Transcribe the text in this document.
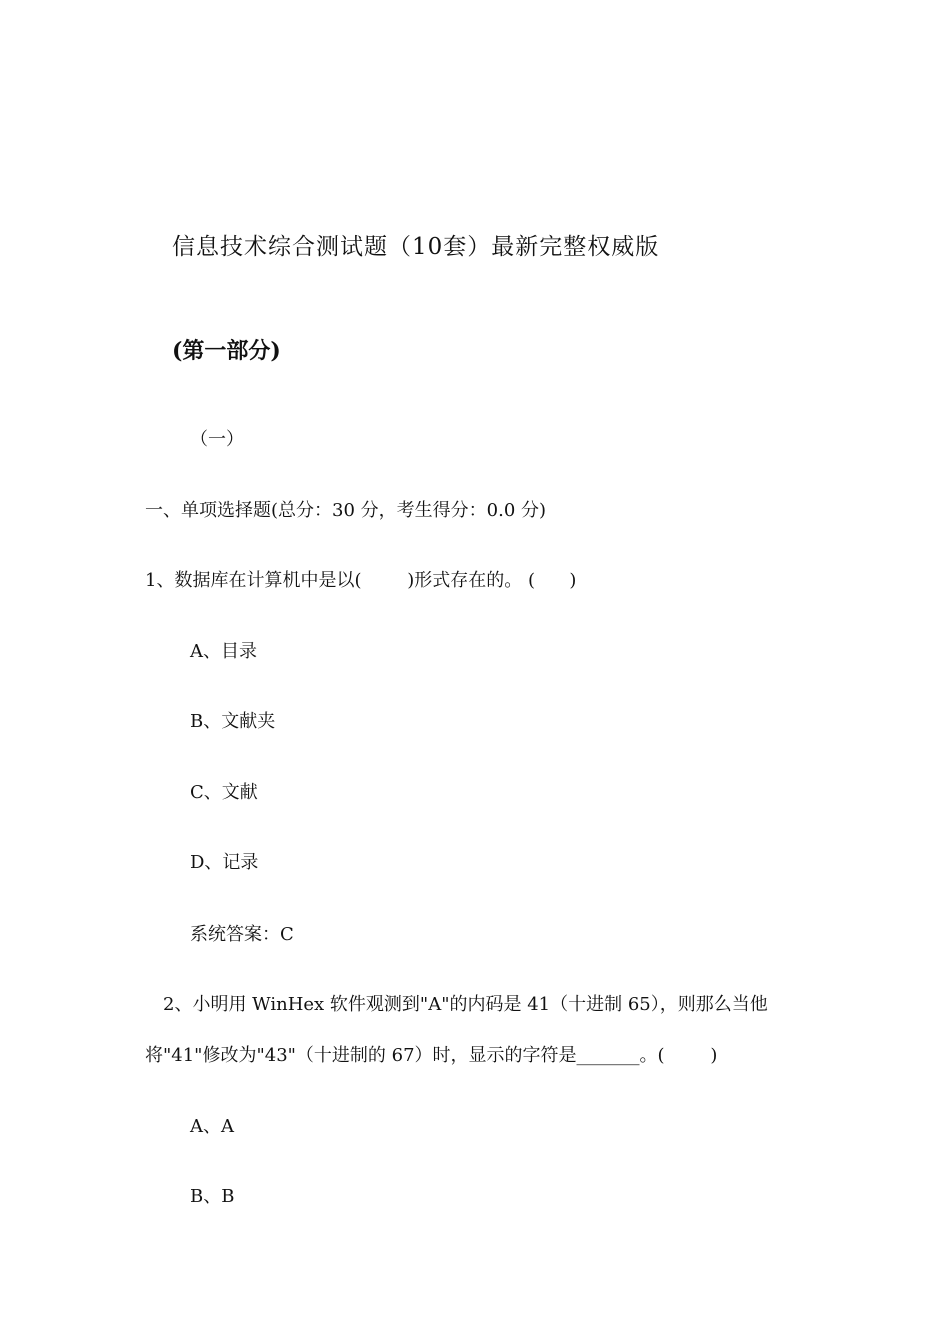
信息技术综合测试题（10套）最新完整权威版
(第一部分)
（一）
一、单项选择题(总分：30 分，考生得分：0.0 分)
1、数据库在计算机中是以(        )形式存在的。 (      )
A、目录
B、文献夹
C、文献
D、记录
系统答案：C
2、小明用 WinHex 软件观测到"A"的内码是 41（十进制 65），则那么当他
将"41"修改为"43"（十进制的 67）时，显示的字符是_______。(        )
A、A
B、B
